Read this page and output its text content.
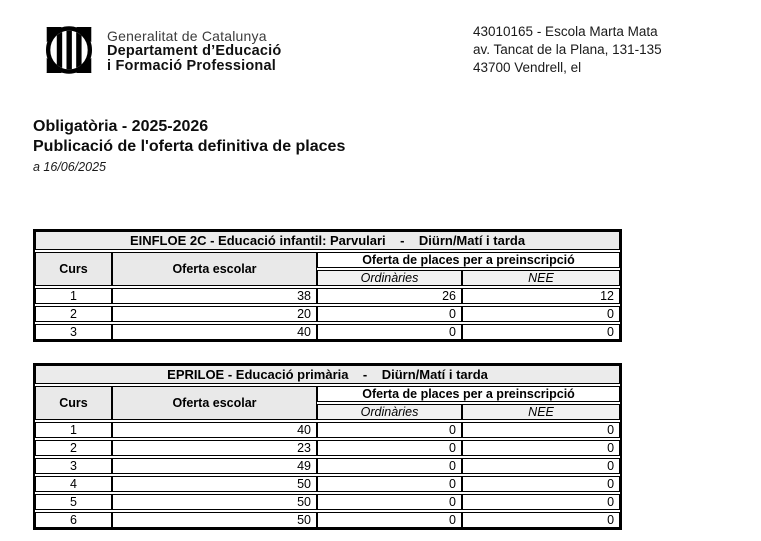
Generalitat de Catalunya
Departament d’Educació
i Formació Professional
43010165 - Escola Marta Mata
av. Tancat de la Plana, 131-135
43700 Vendrell, el
Obligatòria - 2025-2026
Publicació de l'oferta definitiva de places
a 16/06/2025
EINFLOE 2C - Educació infantil: Parvulari    -    Diürn/Matí i tarda			
Curs	Oferta escolar	Oferta de places per a preinscripció	
		Ordinàries	NEE
1	38	26	12
2	20	0	0
3	40	0	0
EPRILOE - Educació primària    -    Diürn/Matí i tarda			
Curs	Oferta escolar	Oferta de places per a preinscripció	
		Ordinàries	NEE
1	40	0	0
2	23	0	0
3	49	0	0
4	50	0	0
5	50	0	0
6	50	0	0
